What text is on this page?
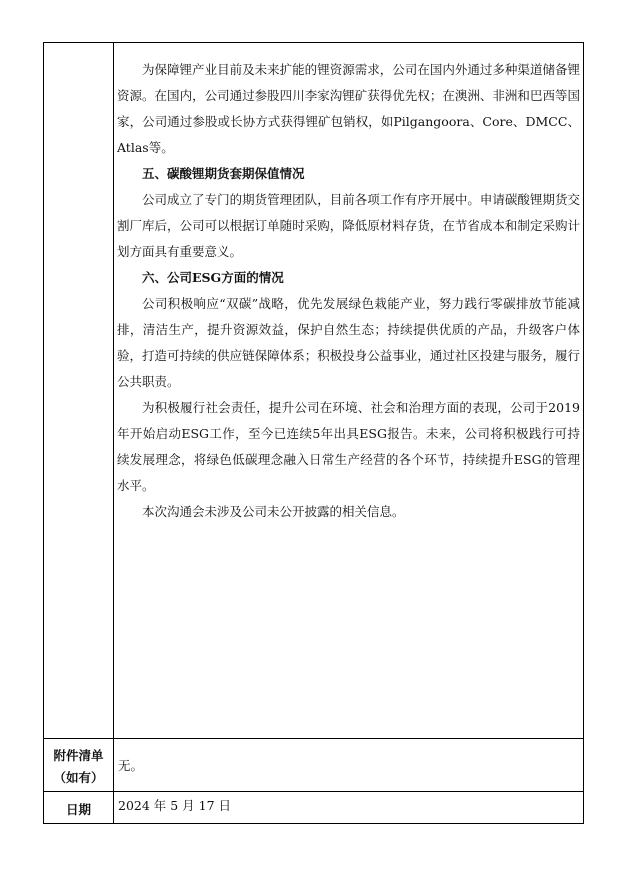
为保障锂产业目前及未来扩能的锂资源需求，公司在国内外通过多种渠道储备锂资源。在国内，公司通过参股四川李家沟锂矿获得优先权；在澳洲、非洲和巴西等国家，公司通过参股或长协方式获得锂矿包销权，如Pilgangoora、Core、DMCC、Atlas等。

五、碳酸锂期货套期保值情况

公司成立了专门的期货管理团队，目前各项工作有序开展中。申请碳酸锂期货交割厂库后，公司可以根据订单随时采购，降低原材料存货，在节省成本和制定采购计划方面具有重要意义。

六、公司ESG方面的情况

公司积极响应“双碳”战略，优先发展绿色栽能产业，努力践行零碳排放节能减排，清洁生产，提升资源效益，保护自然生态；持续提供优质的产品，升级客户体验，打造可持续的供应链保障体系；积极投身公益事业，通过社区投建与服务，履行公共职责。

为积极履行社会责任，提升公司在环境、社会和治理方面的表现，公司于2019年开始启动ESG工作，至今已连续5年出具ESG报告。未来，公司将积极践行可持续发展理念，将绿色低碳理念融入日常生产经营的各个环节，持续提升ESG的管理水平。

本次沟通会未涉及公司未公开披露的相关信息。

附件清单
（如有）
无。
日期	2024 年 5 月 17 日
